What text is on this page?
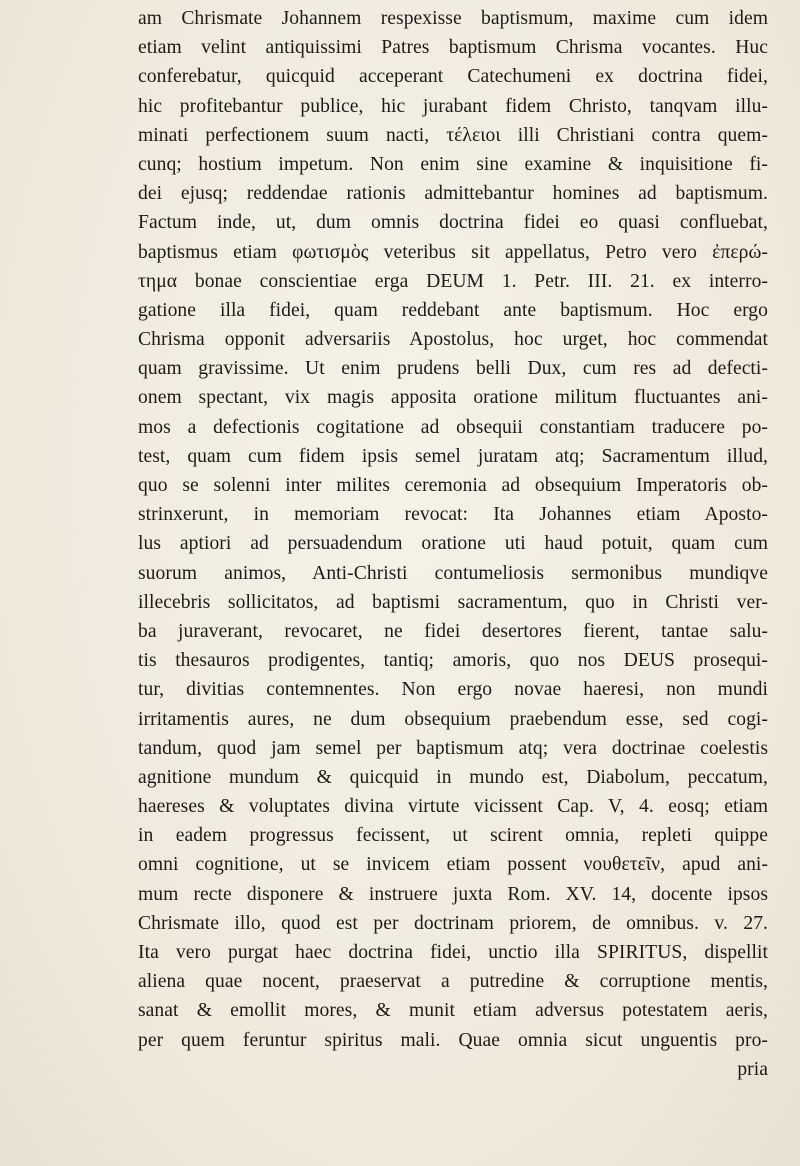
am Chrismate Johannem respexisse baptismum, maxime cum idem
etiam velint antiquissimi Patres baptismum Chrisma vocantes. Huc
conferebatur, quicquid acceperant Catechumeni ex doctrina fidei,
hic profitebantur publice, hic jurabant fidem Christo, tanqvam illu-
minati perfectionem suum nacti, τέλειοι illi Christiani contra quem-
cunq; hostium impetum. Non enim sine examine & inquisitione fi-
dei ejusq; reddendae rationis admittebantur homines ad baptismum.
Factum inde, ut, dum omnis doctrina fidei eo quasi confluebat,
baptismus etiam φωτισμὸς veteribus sit appellatus, Petro vero ἐπερώ-
τημα bonae conscientiae erga DEUM 1. Petr. III. 21. ex interro-
gatione illa fidei, quam reddebant ante baptismum. Hoc ergo
Chrisma opponit adversariis Apostolus, hoc urget, hoc commendat
quam gravissime. Ut enim prudens belli Dux, cum res ad defecti-
onem spectant, vix magis apposita oratione militum fluctuantes ani-
mos a defectionis cogitatione ad obsequii constantiam traducere po-
test, quam cum fidem ipsis semel juratam atq; Sacramentum illud,
quo se solenni inter milites ceremonia ad obsequium Imperatoris ob-
strinxerunt, in memoriam revocat: Ita Johannes etiam Aposto-
lus aptiori ad persuadendum oratione uti haud potuit, quam cum
suorum animos, Anti-Christi contumeliosis sermonibus mundiqve
illecebris sollicitatos, ad baptismi sacramentum, quo in Christi ver-
ba juraverant, revocaret, ne fidei desertores fierent, tantae salu-
tis thesauros prodigentes, tantiq; amoris, quo nos DEUS prosequi-
tur, divitias contemnentes. Non ergo novae haeresi, non mundi
irritamentis aures, ne dum obsequium praebendum esse, sed cogi-
tandum, quod jam semel per baptismum atq; vera doctrinae coelestis
agnitione mundum & quicquid in mundo est, Diabolum, peccatum,
haereses & voluptates divina virtute vicissent Cap. V, 4. eosq; etiam
in eadem progressus fecissent, ut scirent omnia, repleti quippe
omni cognitione, ut se invicem etiam possent νουθετεῖν, apud ani-
mum recte disponere & instruere juxta Rom. XV. 14, docente ipsos
Chrismate illo, quod est per doctrinam priorem, de omnibus. v. 27.
Ita vero purgat haec doctrina fidei, unctio illa SPIRITUS, dispellit
aliena quae nocent, praeservat a putredine & corruptione mentis,
sanat & emollit mores, & munit etiam adversus potestatem aeris,
per quem feruntur spiritus mali. Quae omnia sicut unguentis pro-
pria
